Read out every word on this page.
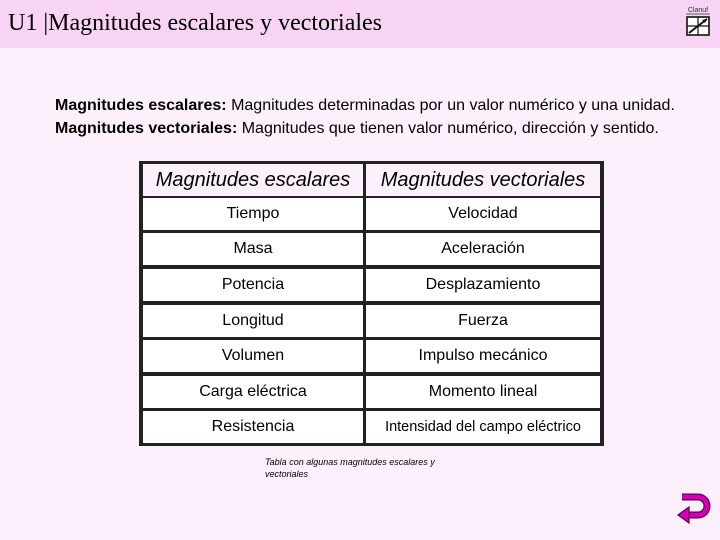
U1 |Magnitudes escalares y vectoriales	Clanuf
Magnitudes escalares: Magnitudes determinadas por un valor numérico y una unidad.
Magnitudes vectoriales: Magnitudes que tienen valor numérico, dirección y sentido.
Magnitudes escalares	Magnitudes vectoriales
Tiempo	Velocidad
Masa	Aceleración
Potencia	Desplazamiento
Longitud	Fuerza
Volumen	Impulso mecánico
Carga eléctrica	Momento lineal
Resistencia	Intensidad del campo eléctrico
Tabla con algunas magnitudes escalares y vectoriales
